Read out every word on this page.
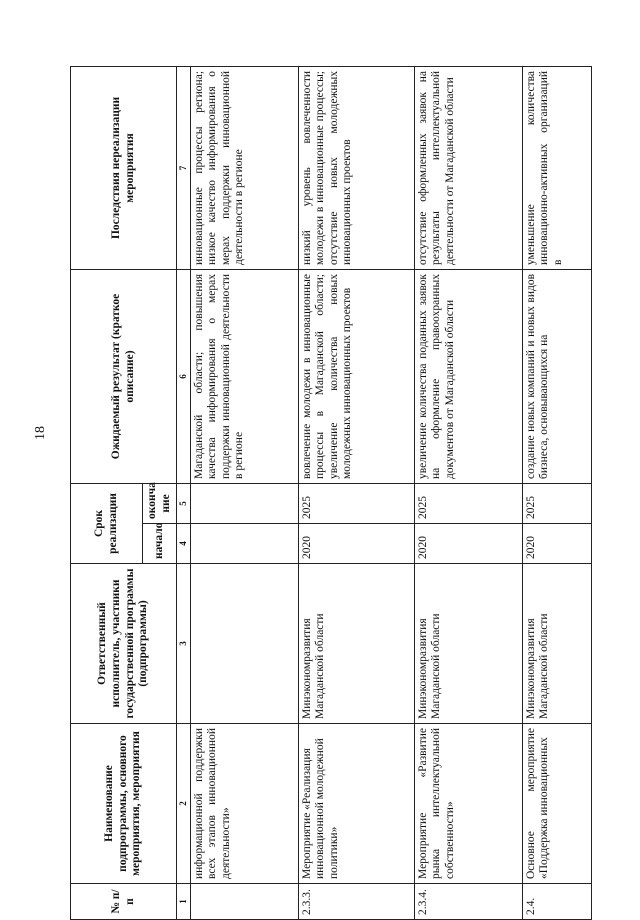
18
№ п/п	Наименование подпрограммы, основного мероприятия, мероприятия	Ответственный исполнитель, участники государственной программы (подпрограммы)	Срок реализации		Ожидаемый результат (краткое описание)	Последствия нереализации мероприятия
			начало	оконча ние		
1	2	3	4	5	6	7
	информационной поддержки всех этапов инновационной деятельности»				Магаданской области; повышения качества информирования о мерах поддержки инновационной деятельности в регионе	инновационные процессы региона; низкое качество информирования о мерах поддержки инновационной деятельности в регионе
2.3.3.	Мероприятие «Реализация инновационной молодежной политики»	Минэкономразвития Магаданской области	2020	2025	вовлечение молодежи в инновационные процессы в Магаданской области; увеличение количества новых молодежных инновационных проектов	низкий уровень вовлеченности молодежи в инновационные процессы; отсутствие новых молодежных инновационных проектов
2.3.4.	Мероприятие «Развитие рынка интеллектуальной собственности»	Минэкономразвития Магаданской области	2020	2025	увеличение количества поданных заявок на оформление правоохранных документов от Магаданской области	отсутствие оформленных заявок на результаты интеллектуальной деятельности от Магаданской области
2.4.	Основное мероприятие «Поддержка инновационных	Минэкономразвития Магаданской области	2020	2025	создание новых компаний и новых видов бизнеса, основывающихся на	уменьшение количества инновационно-активных организаций в
